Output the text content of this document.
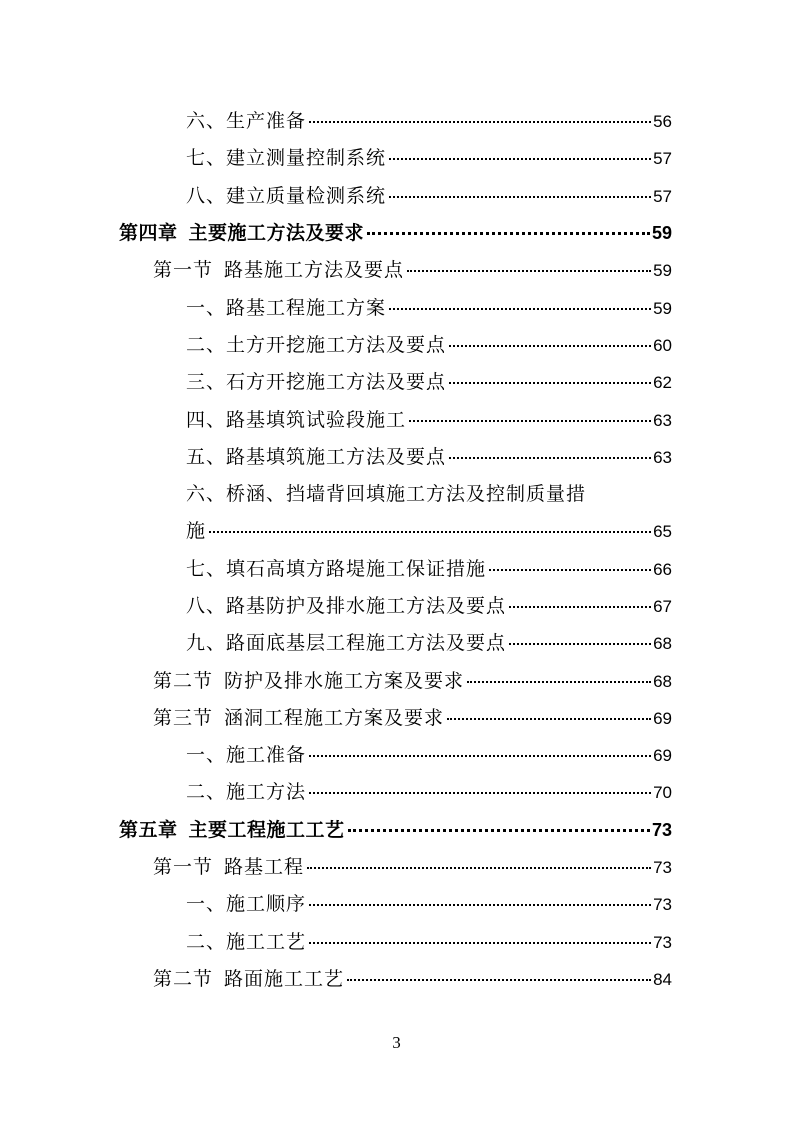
六、生产准备	56
七、建立测量控制系统	57
八、建立质量检测系统	57
第四章 主要施工方法及要求	59
第一节 路基施工方法及要点	59
一、路基工程施工方案	59
二、土方开挖施工方法及要点	60
三、石方开挖施工方法及要点	62
四、路基填筑试验段施工	63
五、路基填筑施工方法及要点	63
六、桥涵、挡墙背回填施工方法及控制质量措
施	65
七、填石高填方路堤施工保证措施	66
八、路基防护及排水施工方法及要点	67
九、路面底基层工程施工方法及要点	68
第二节 防护及排水施工方案及要求	68
第三节 涵洞工程施工方案及要求	69
一、施工准备	69
二、施工方法	70
第五章 主要工程施工工艺	73
第一节 路基工程	73
一、施工顺序	73
二、施工工艺	73
第二节 路面施工工艺	84
3
